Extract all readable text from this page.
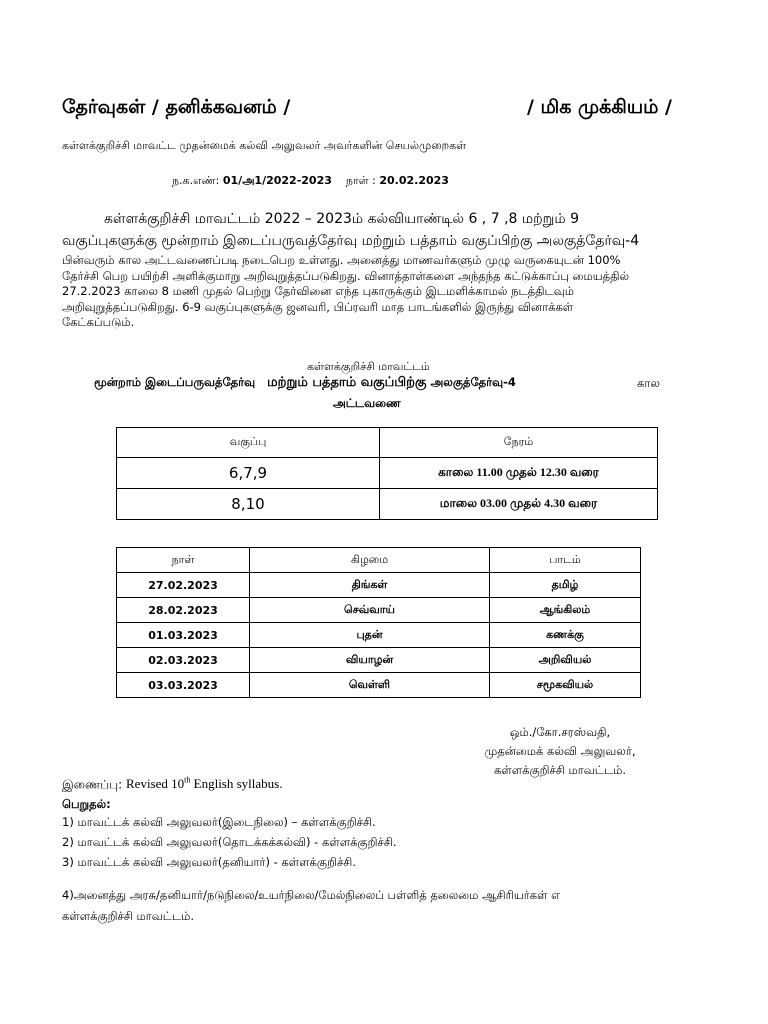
தேர்வுகள் / தனிக்கவனம் /	/ மிக முக்கியம் /
கள்ளக்குறிச்சி மாவட்ட முதன்மைக் கல்வி அலுவலர் அவர்களின் செயல்முறைகள்
ந.க.எண்: 01/அ1/2022-2023 நாள் : 20.02.2023
கள்ளக்குறிச்சி மாவட்டம் 2022 – 2023ம் கல்வியாண்டில் 6 , 7 ,8 மற்றும் 9
வகுப்புகளுக்கு மூன்றாம் இடைப்பருவத்தேர்வு மற்றும் பத்தாம் வகுப்பிற்கு அலகுத்தேர்வு-4
பின்வரும் கால அட்டவணைப்படி நடைபெற உள்ளது. அனைத்து மாணவர்களும் முழு வருகையுடன் 100%
தேர்ச்சி பெற பயிற்சி அளிக்குமாறு அறிவுறுத்தப்படுகிறது. வினாத்தாள்களை அந்தந்த கட்டுக்காப்பு மையத்தில்
27.2.2023 காலை 8 மணி முதல் பெற்று தேர்வினை எந்த புகாருக்கும் இடமளிக்காமல் நடத்திடவும்
அறிவுறுத்தப்படுகிறது. 6-9 வகுப்புகளுக்கு ஜனவரி, பிப்ரவரி மாத பாடங்களில் இருந்து வினாக்கள்
கேட்கப்படும்.
கள்ளக்குறிச்சி மாவட்டம்
மூன்றாம் இடைப்பருவத்தேர்வு மற்றும் பத்தாம் வகுப்பிற்கு அலகுத்தேர்வு-4	கால
அட்டவணை
வகுப்பு	நேரம்
6,7,9	காலை 11.00 முதல் 12.30 வரை
8,10	மாலை 03.00 முதல் 4.30 வரை
நாள்	கிழமை	பாடம்
27.02.2023	திங்கள்	தமிழ்
28.02.2023	செவ்வாய்	ஆங்கிலம்
01.03.2023	புதன்	கணக்கு
02.03.2023	வியாழன்	அறிவியல்
03.03.2023	வெள்ளி	சமூகவியல்
ஒம்./கோ.சரஸ்வதி,
முதன்மைக் கல்வி அலுவலர்,
கள்ளக்குறிச்சி மாவட்டம்.
இணைப்பு: Revised 10th English syllabus.
பெறுதல்:
1) மாவட்டக் கல்வி அலுவலர்(இடைநிலை) – கள்ளக்குறிச்சி.
2) மாவட்டக் கல்வி அலுவலர்(தொடக்கக்கல்வி) - கள்ளக்குறிச்சி.
3) மாவட்டக் கல்வி அலுவலர்(தனியார்) - கள்ளக்குறிச்சி.
4)அனைத்து அரசு/தனியார்/நடுநிலை/உயர்நிலை/மேல்நிலைப் பள்ளித் தலைமை ஆசிரியர்கள் எ
கள்ளக்குறிச்சி மாவட்டம்.
